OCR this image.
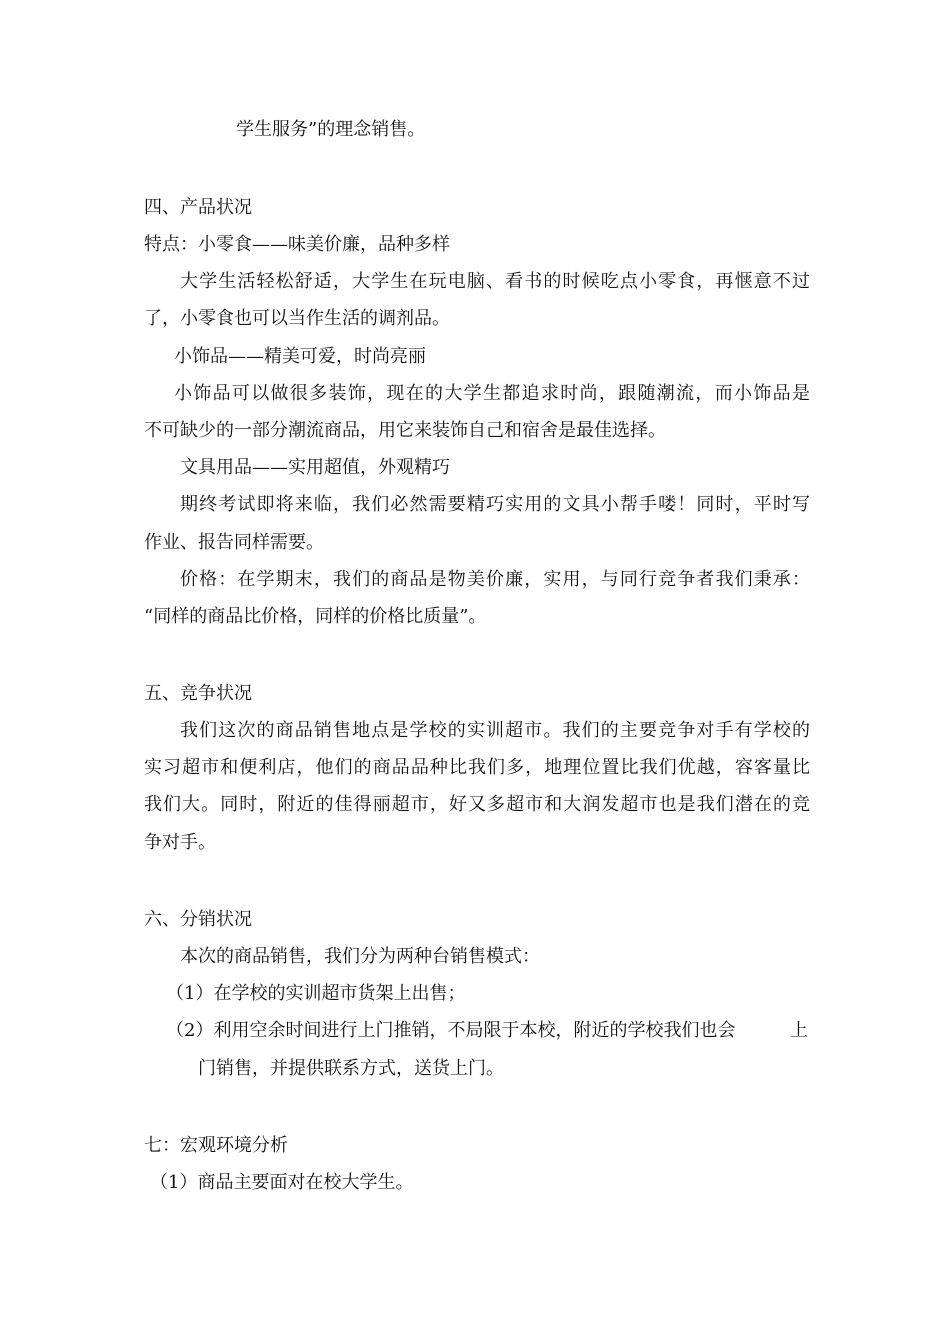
学生服务”的理念销售。
四、产品状况
特点：小零食——味美价廉，品种多样
大学生活轻松舒适，大学生在玩电脑、看书的时候吃点小零食，再惬意不过
了，小零食也可以当作生活的调剂品。
小饰品——精美可爱，时尚亮丽
小饰品可以做很多装饰，现在的大学生都追求时尚，跟随潮流，而小饰品是
不可缺少的一部分潮流商品，用它来装饰自己和宿舍是最佳选择。
文具用品——实用超值，外观精巧
期终考试即将来临，我们必然需要精巧实用的文具小帮手喽！同时，平时写
作业、报告同样需要。
价格：在学期末，我们的商品是物美价廉，实用，与同行竞争者我们秉承：
“同样的商品比价格，同样的价格比质量”。
五、竞争状况
我们这次的商品销售地点是学校的实训超市。我们的主要竞争对手有学校的
实习超市和便利店，他们的商品品种比我们多，地理位置比我们优越，容客量比
我们大。同时，附近的佳得丽超市，好又多超市和大润发超市也是我们潜在的竞
争对手。
六、分销状况
本次的商品销售，我们分为两种台销售模式：
（1）在学校的实训超市货架上出售；
（2）利用空余时间进行上门推销，不局限于本校，附近的学校我们也会	上
门销售，并提供联系方式，送货上门。
七：宏观环境分析
（1）商品主要面对在校大学生。
